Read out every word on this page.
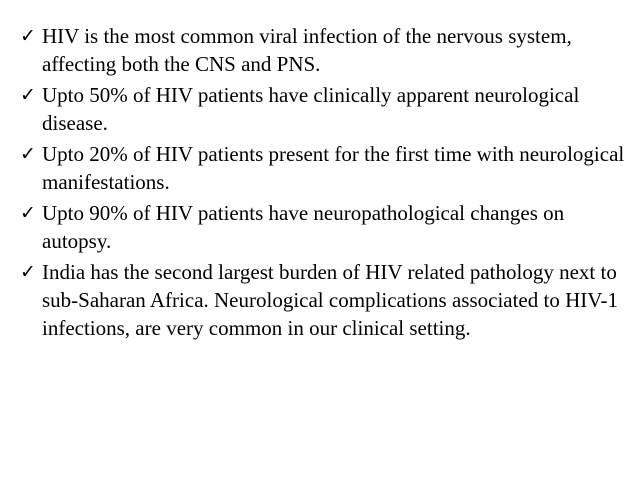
✓ HIV is the most common viral infection of the nervous system, affecting both the CNS and PNS.
✓ Upto 50% of HIV patients have clinically apparent neurological disease.
✓ Upto 20% of HIV patients present for the first time with neurological manifestations.
✓ Upto 90% of HIV patients have neuropathological changes on autopsy.
✓ India has the second largest burden of HIV related pathology next to sub-Saharan Africa. Neurological complications associated to HIV-1 infections, are very common in our clinical setting.
